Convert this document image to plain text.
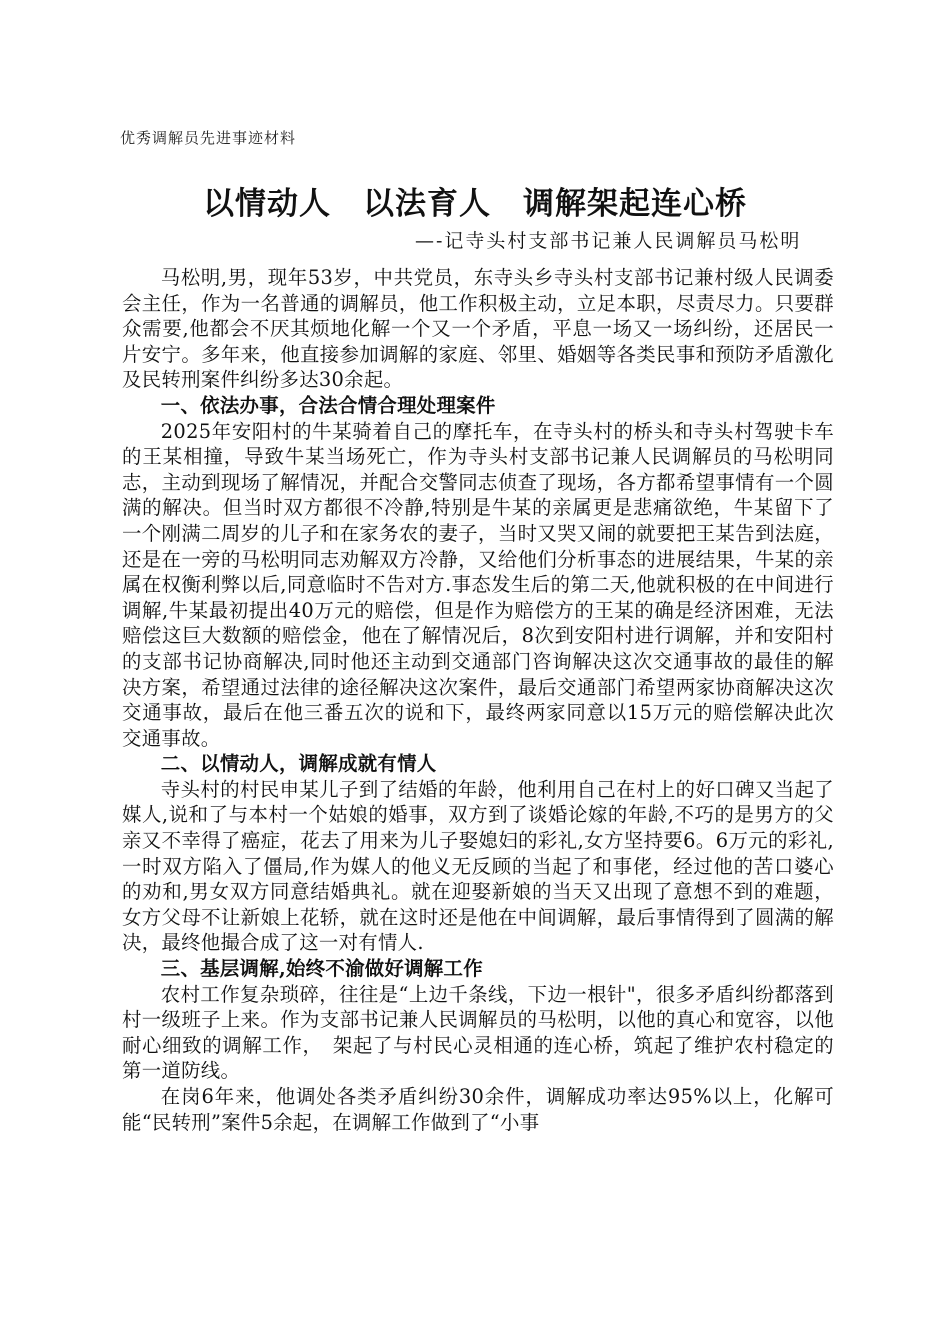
优秀调解员先进事迹材料
以情动人　以法育人　调解架起连心桥
—-记寺头村支部书记兼人民调解员马松明

马松明,男，现年53岁，中共党员，东寺头乡寺头村支部书记兼村级人民调委会主任，作为一名普通的调解员，他工作积极主动，立足本职，尽责尽力。只要群众需要,他都会不厌其烦地化解一个又一个矛盾，平息一场又一场纠纷，还居民一片安宁。多年来，他直接参加调解的家庭、邻里、婚姻等各类民事和预防矛盾激化及民转刑案件纠纷多达30余起。

一、依法办事，合法合情合理处理案件

2025年安阳村的牛某骑着自己的摩托车，在寺头村的桥头和寺头村驾驶卡车的王某相撞，导致牛某当场死亡，作为寺头村支部书记兼人民调解员的马松明同志，主动到现场了解情况，并配合交警同志侦查了现场，各方都希望事情有一个圆满的解决。但当时双方都很不冷静,特别是牛某的亲属更是悲痛欲绝，牛某留下了一个刚满二周岁的儿子和在家务农的妻子，当时又哭又闹的就要把王某告到法庭，还是在一旁的马松明同志劝解双方冷静，又给他们分析事态的进展结果，牛某的亲属在权衡利弊以后,同意临时不告对方.事态发生后的第二天,他就积极的在中间进行调解,牛某最初提出40万元的赔偿，但是作为赔偿方的王某的确是经济困难，无法赔偿这巨大数额的赔偿金，他在了解情况后，8次到安阳村进行调解，并和安阳村的支部书记协商解决,同时他还主动到交通部门咨询解决这次交通事故的最佳的解决方案，希望通过法律的途径解决这次案件，最后交通部门希望两家协商解决这次交通事故，最后在他三番五次的说和下，最终两家同意以15万元的赔偿解决此次交通事故。

二、以情动人，调解成就有情人

寺头村的村民申某儿子到了结婚的年龄，他利用自己在村上的好口碑又当起了媒人,说和了与本村一个姑娘的婚事，双方到了谈婚论嫁的年龄,不巧的是男方的父亲又不幸得了癌症，花去了用来为儿子娶媳妇的彩礼,女方坚持要6。6万元的彩礼,一时双方陷入了僵局,作为媒人的他义无反顾的当起了和事佬，经过他的苦口婆心的劝和,男女双方同意结婚典礼。就在迎娶新娘的当天又出现了意想不到的难题，女方父母不让新娘上花轿，就在这时还是他在中间调解，最后事情得到了圆满的解决，最终他撮合成了这一对有情人.

三、基层调解,始终不渝做好调解工作

农村工作复杂琐碎，往往是“上边千条线，下边一根针"，很多矛盾纠纷都落到村一级班子上来。作为支部书记兼人民调解员的马松明，以他的真心和宽容，以他耐心细致的调解工作，　架起了与村民心灵相通的连心桥，筑起了维护农村稳定的第一道防线。

在岗6年来，他调处各类矛盾纠纷30余件，调解成功率达95%以上，化解可能“民转刑”案件5余起，在调解工作做到了“小事
